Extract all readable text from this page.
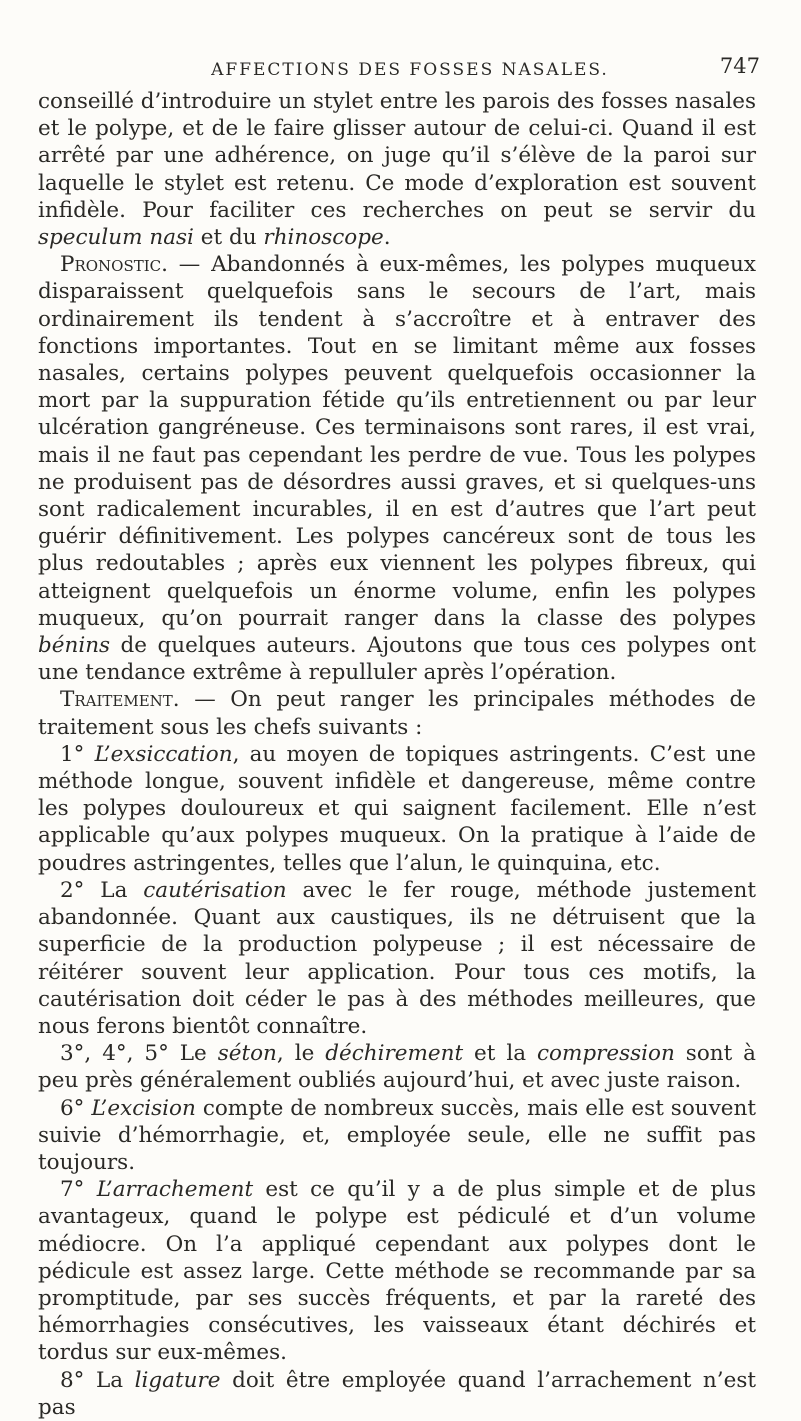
AFFECTIONS DES FOSSES NASALES.	747

conseillé d’introduire un stylet entre les parois des fosses nasales et le polype, et de le faire glisser autour de celui-ci. Quand il est arrêté par une adhérence, on juge qu’il s’élève de la paroi sur laquelle le stylet est retenu. Ce mode d’exploration est souvent infidèle. Pour faciliter ces recherches on peut se servir du speculum nasi et du rhinoscope.

Pronostic. — Abandonnés à eux-mêmes, les polypes muqueux disparaissent quelquefois sans le secours de l’art, mais ordinairement ils tendent à s’accroître et à entraver des fonctions importantes. Tout en se limitant même aux fosses nasales, certains polypes peuvent quelquefois occasionner la mort par la suppuration fétide qu’ils entretiennent ou par leur ulcération gangréneuse. Ces terminaisons sont rares, il est vrai, mais il ne faut pas cependant les perdre de vue. Tous les polypes ne produisent pas de désordres aussi graves, et si quelques-uns sont radicalement incurables, il en est d’autres que l’art peut guérir définitivement. Les polypes cancéreux sont de tous les plus redoutables ; après eux viennent les polypes fibreux, qui atteignent quelquefois un énorme volume, enfin les polypes muqueux, qu’on pourrait ranger dans la classe des polypes bénins de quelques auteurs. Ajoutons que tous ces polypes ont une tendance extrême à repulluler après l’opération.

Traitement. — On peut ranger les principales méthodes de traitement sous les chefs suivants :

1° L’exsiccation, au moyen de topiques astringents. C’est une méthode longue, souvent infidèle et dangereuse, même contre les polypes douloureux et qui saignent facilement. Elle n’est applicable qu’aux polypes muqueux. On la pratique à l’aide de poudres astringentes, telles que l’alun, le quinquina, etc.

2° La cautérisation avec le fer rouge, méthode justement abandonnée. Quant aux caustiques, ils ne détruisent que la superficie de la production polypeuse ; il est nécessaire de réitérer souvent leur application. Pour tous ces motifs, la cautérisation doit céder le pas à des méthodes meilleures, que nous ferons bientôt connaître.

3°, 4°, 5° Le séton, le déchirement et la compression sont à peu près généralement oubliés aujourd’hui, et avec juste raison.

6° L’excision compte de nombreux succès, mais elle est souvent suivie d’hémorrhagie, et, employée seule, elle ne suffit pas toujours.

7° L’arrachement est ce qu’il y a de plus simple et de plus avantageux, quand le polype est pédiculé et d’un volume médiocre. On l’a appliqué cependant aux polypes dont le pédicule est assez large. Cette méthode se recommande par sa promptitude, par ses succès fréquents, et par la rareté des hémorrhagies consécutives, les vaisseaux étant déchirés et tordus sur eux-mêmes.

8° La ligature doit être employée quand l’arrachement n’est pas
